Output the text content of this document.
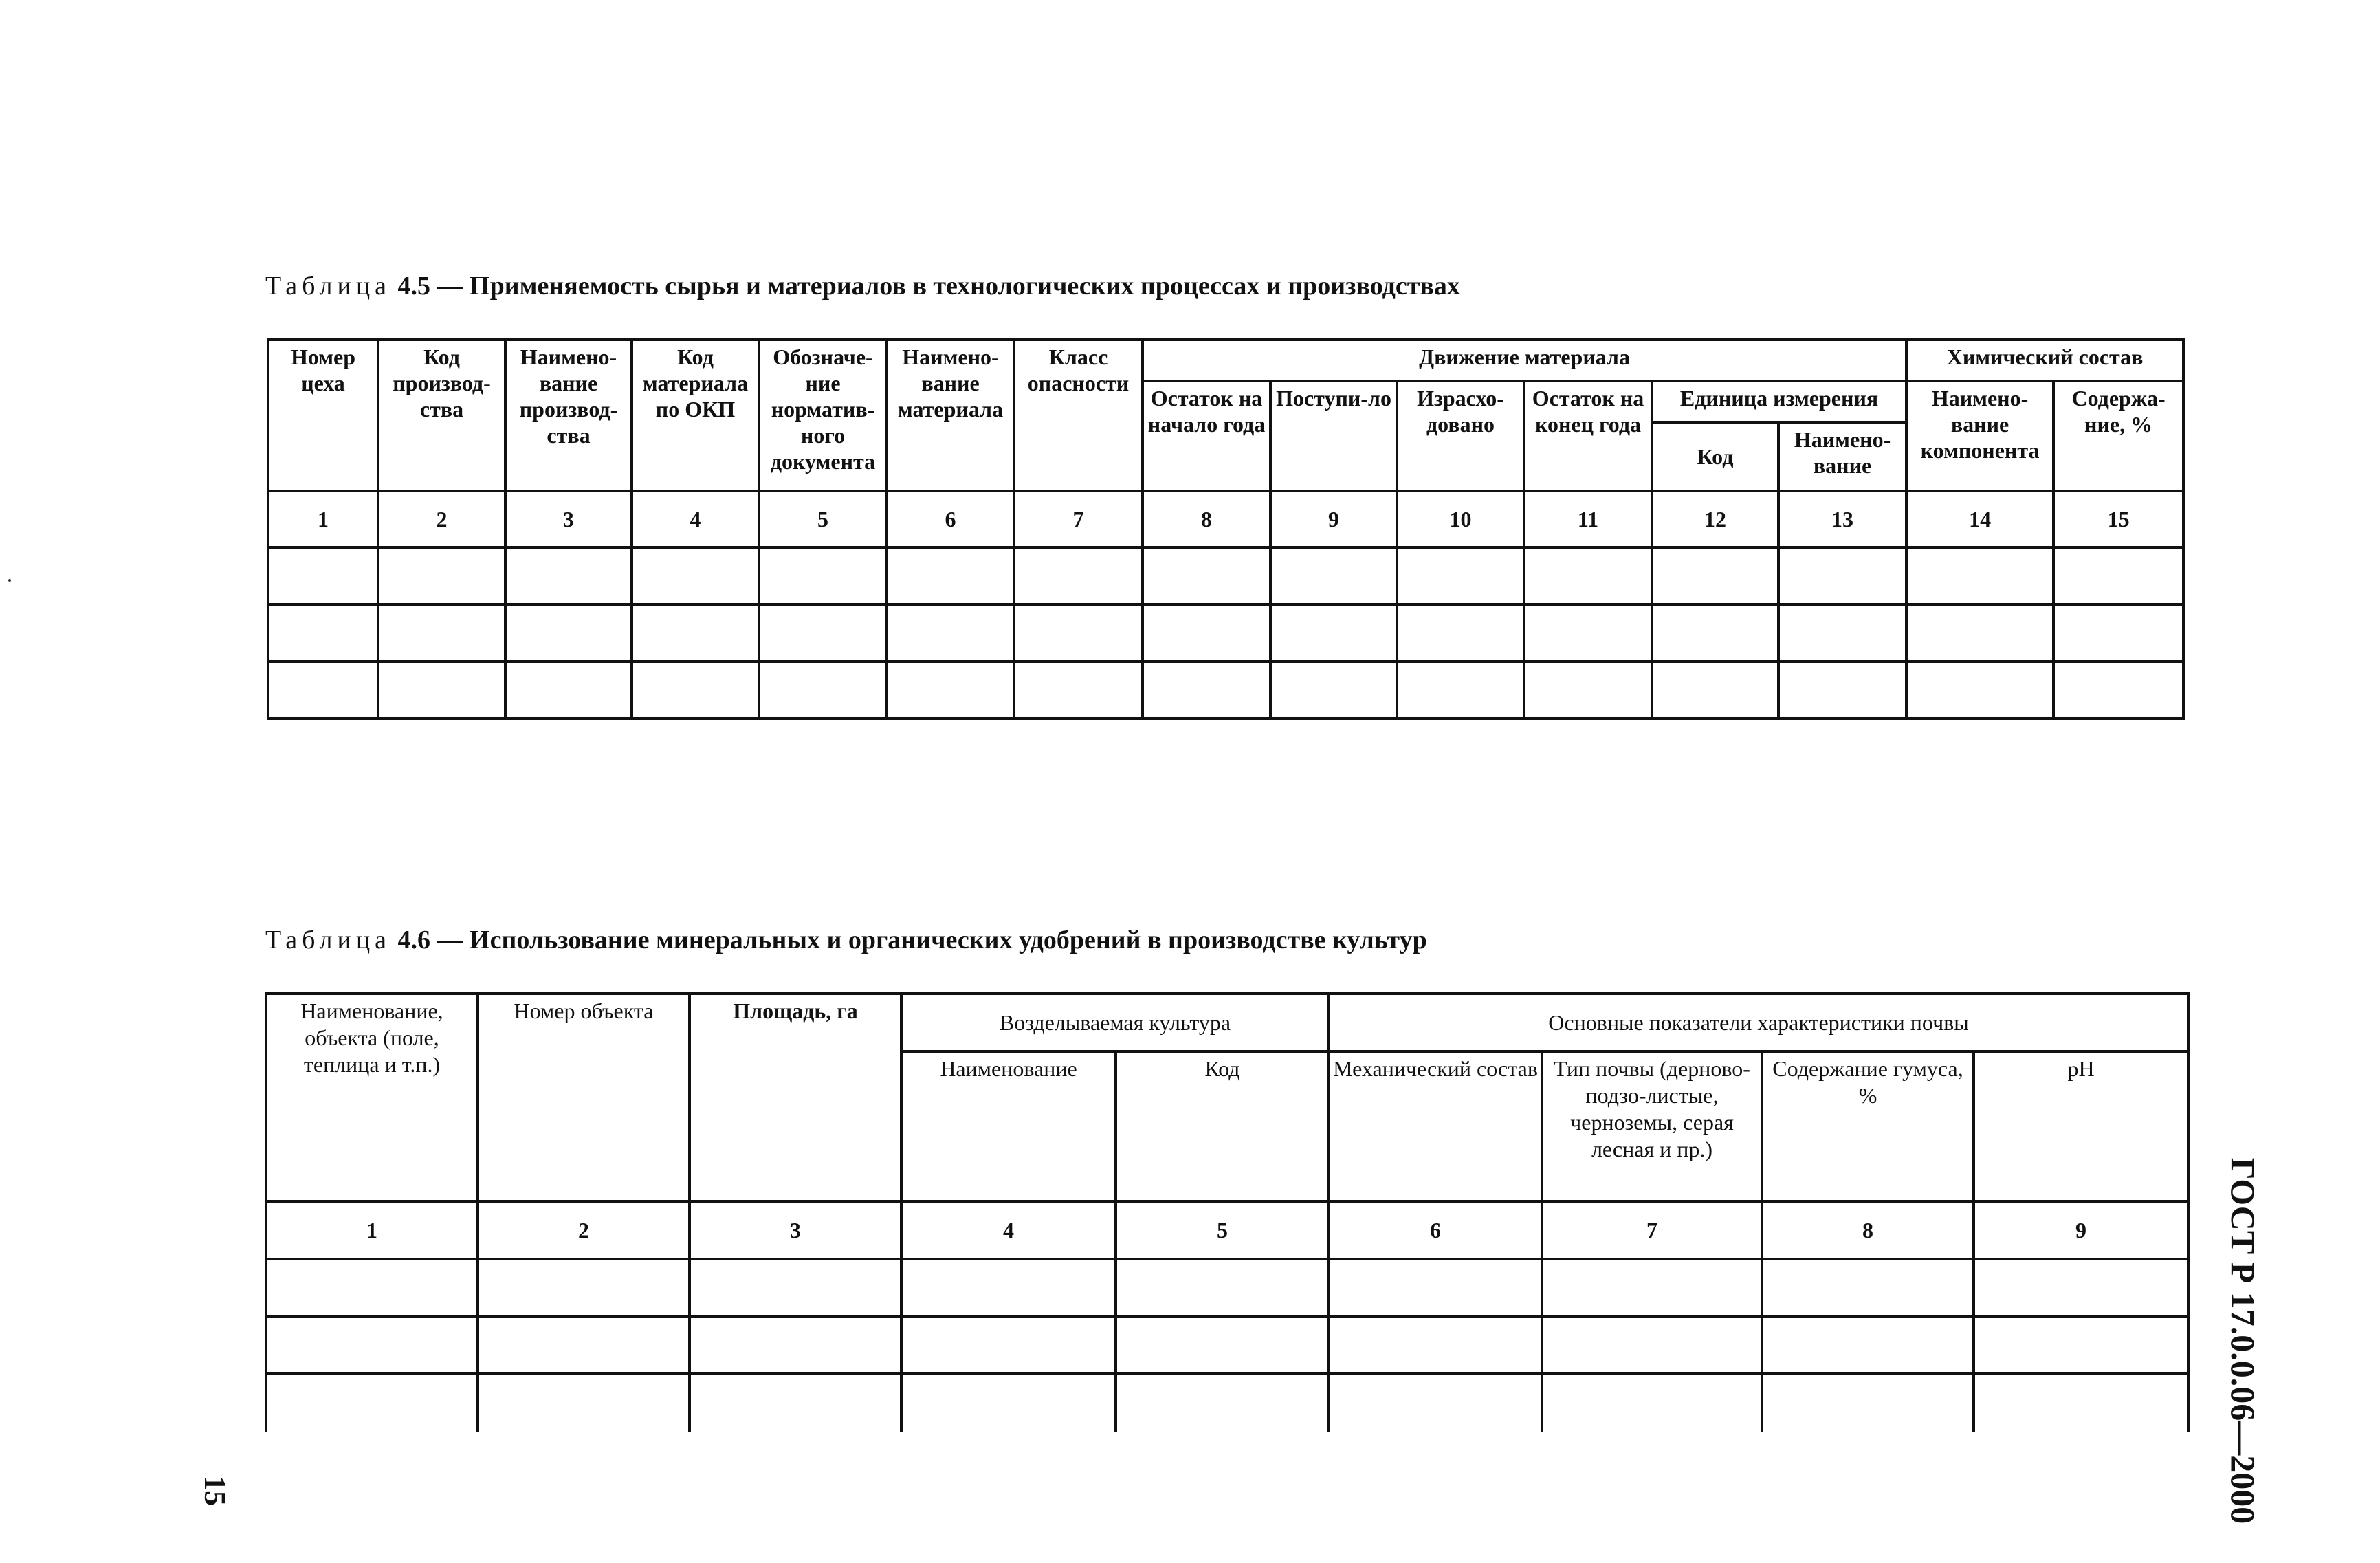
Таблица 4.5 — Применяемость сырья и материалов в технологических процессах и производствах
Номер цеха	Код производ-ства	Наимено-вание производ-ства	Код материала по ОКП	Обозначе-ние норматив-ного документа	Наимено-вание материала	Класс опасности	Движение материала						Химический состав	
							Остаток на начало года	Поступи-ло	Израсхо-довано	Остаток на конец года	Единица измерения		Наимено-вание компонента	Содержа-ние, %
											Код	Наимено-вание		
1	2	3	4	5	6	7	8	9	10	11	12	13	14	15

Таблица 4.6 — Использование минеральных и органических удобрений в производстве культур
Наименование, объекта (поле, теплица и т.п.)	Номер объекта	Площадь, га	Возделываемая культура		Основные показатели характеристики почвы			
			Наименование	Код	Механический состав	Тип почвы (дерново-подзо-листые, черноземы, серая лесная и пр.)	Содержание гумуса, %	pH
1	2	3	4	5	6	7	8	9

									ГОСТ Р 17.0.0.06—2000
15
